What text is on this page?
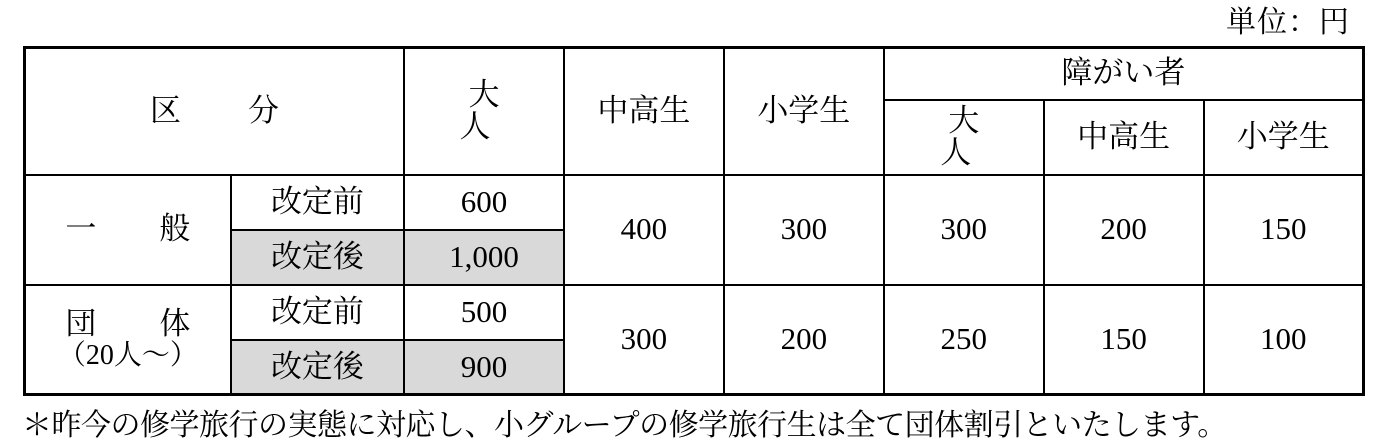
単位：円
区　分		大　人	中高生	小学生	障がい者		
					大　人	中高生	小学生

一　般	改定前	600	400	300	300	200	150
	改定後	1,000					

団　体
（20人～）	改定前	500	300	200	250	150	100
	改定後	900					
＊昨今の修学旅行の実態に対応し、小グループの修学旅行生は全て団体割引といたします。
